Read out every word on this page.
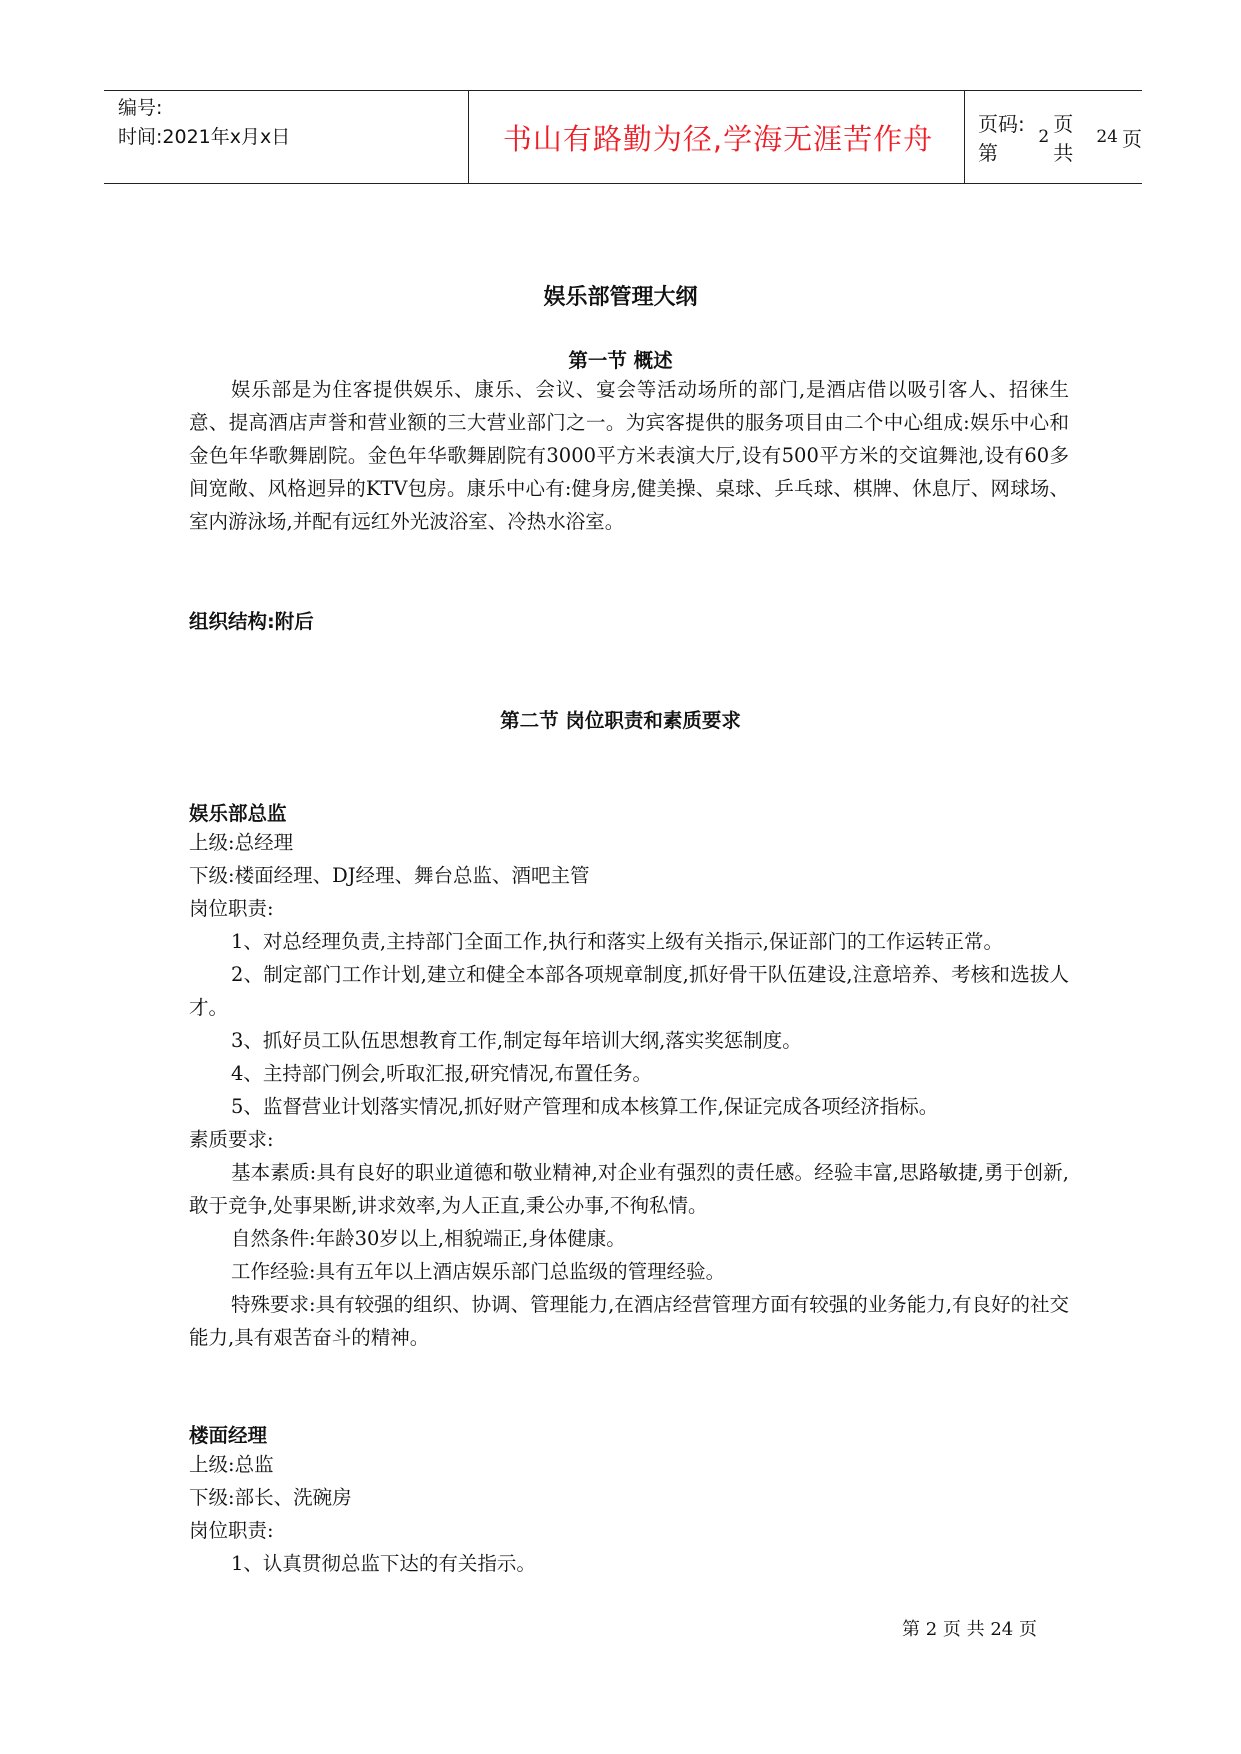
编号:
时间:2021年x月x日	书山有路勤为径,学海无涯苦作舟	页码:第
2
页 共
24 页
娱乐部管理大纲
第一节 概述

娱乐部是为住客提供娱乐、康乐、会议、宴会等活动场所的部门,是酒店借以吸引客人、招徕生意、提高酒店声誉和营业额的三大营业部门之一。为宾客提供的服务项目由二个中心组成:娱乐中心和金色年华歌舞剧院。金色年华歌舞剧院有3000平方米表演大厅,设有500平方米的交谊舞池,设有60多间宽敞、风格迥异的KTV包房。康乐中心有:健身房,健美操、桌球、乒乓球、棋牌、休息厅、网球场、室内游泳场,并配有远红外光波浴室、冷热水浴室。

组织结构:附后
第二节 岗位职责和素质要求
娱乐部总监

上级:总经理

下级:楼面经理、DJ经理、舞台总监、酒吧主管

岗位职责:

1、对总经理负责,主持部门全面工作,执行和落实上级有关指示,保证部门的工作运转正常。

2、制定部门工作计划,建立和健全本部各项规章制度,抓好骨干队伍建设,注意培养、考核和选拔人才。

3、抓好员工队伍思想教育工作,制定每年培训大纲,落实奖惩制度。

4、主持部门例会,听取汇报,研究情况,布置任务。

5、监督营业计划落实情况,抓好财产管理和成本核算工作,保证完成各项经济指标。

素质要求:

基本素质:具有良好的职业道德和敬业精神,对企业有强烈的责任感。经验丰富,思路敏捷,勇于创新,敢于竞争,处事果断,讲求效率,为人正直,秉公办事,不徇私情。

自然条件:年龄30岁以上,相貌端正,身体健康。

工作经验:具有五年以上酒店娱乐部门总监级的管理经验。

特殊要求:具有较强的组织、协调、管理能力,在酒店经营管理方面有较强的业务能力,有良好的社交能力,具有艰苦奋斗的精神。

楼面经理

上级:总监

下级:部长、洗碗房

岗位职责:

1、认真贯彻总监下达的有关指示。

第 2 页 共 24 页
